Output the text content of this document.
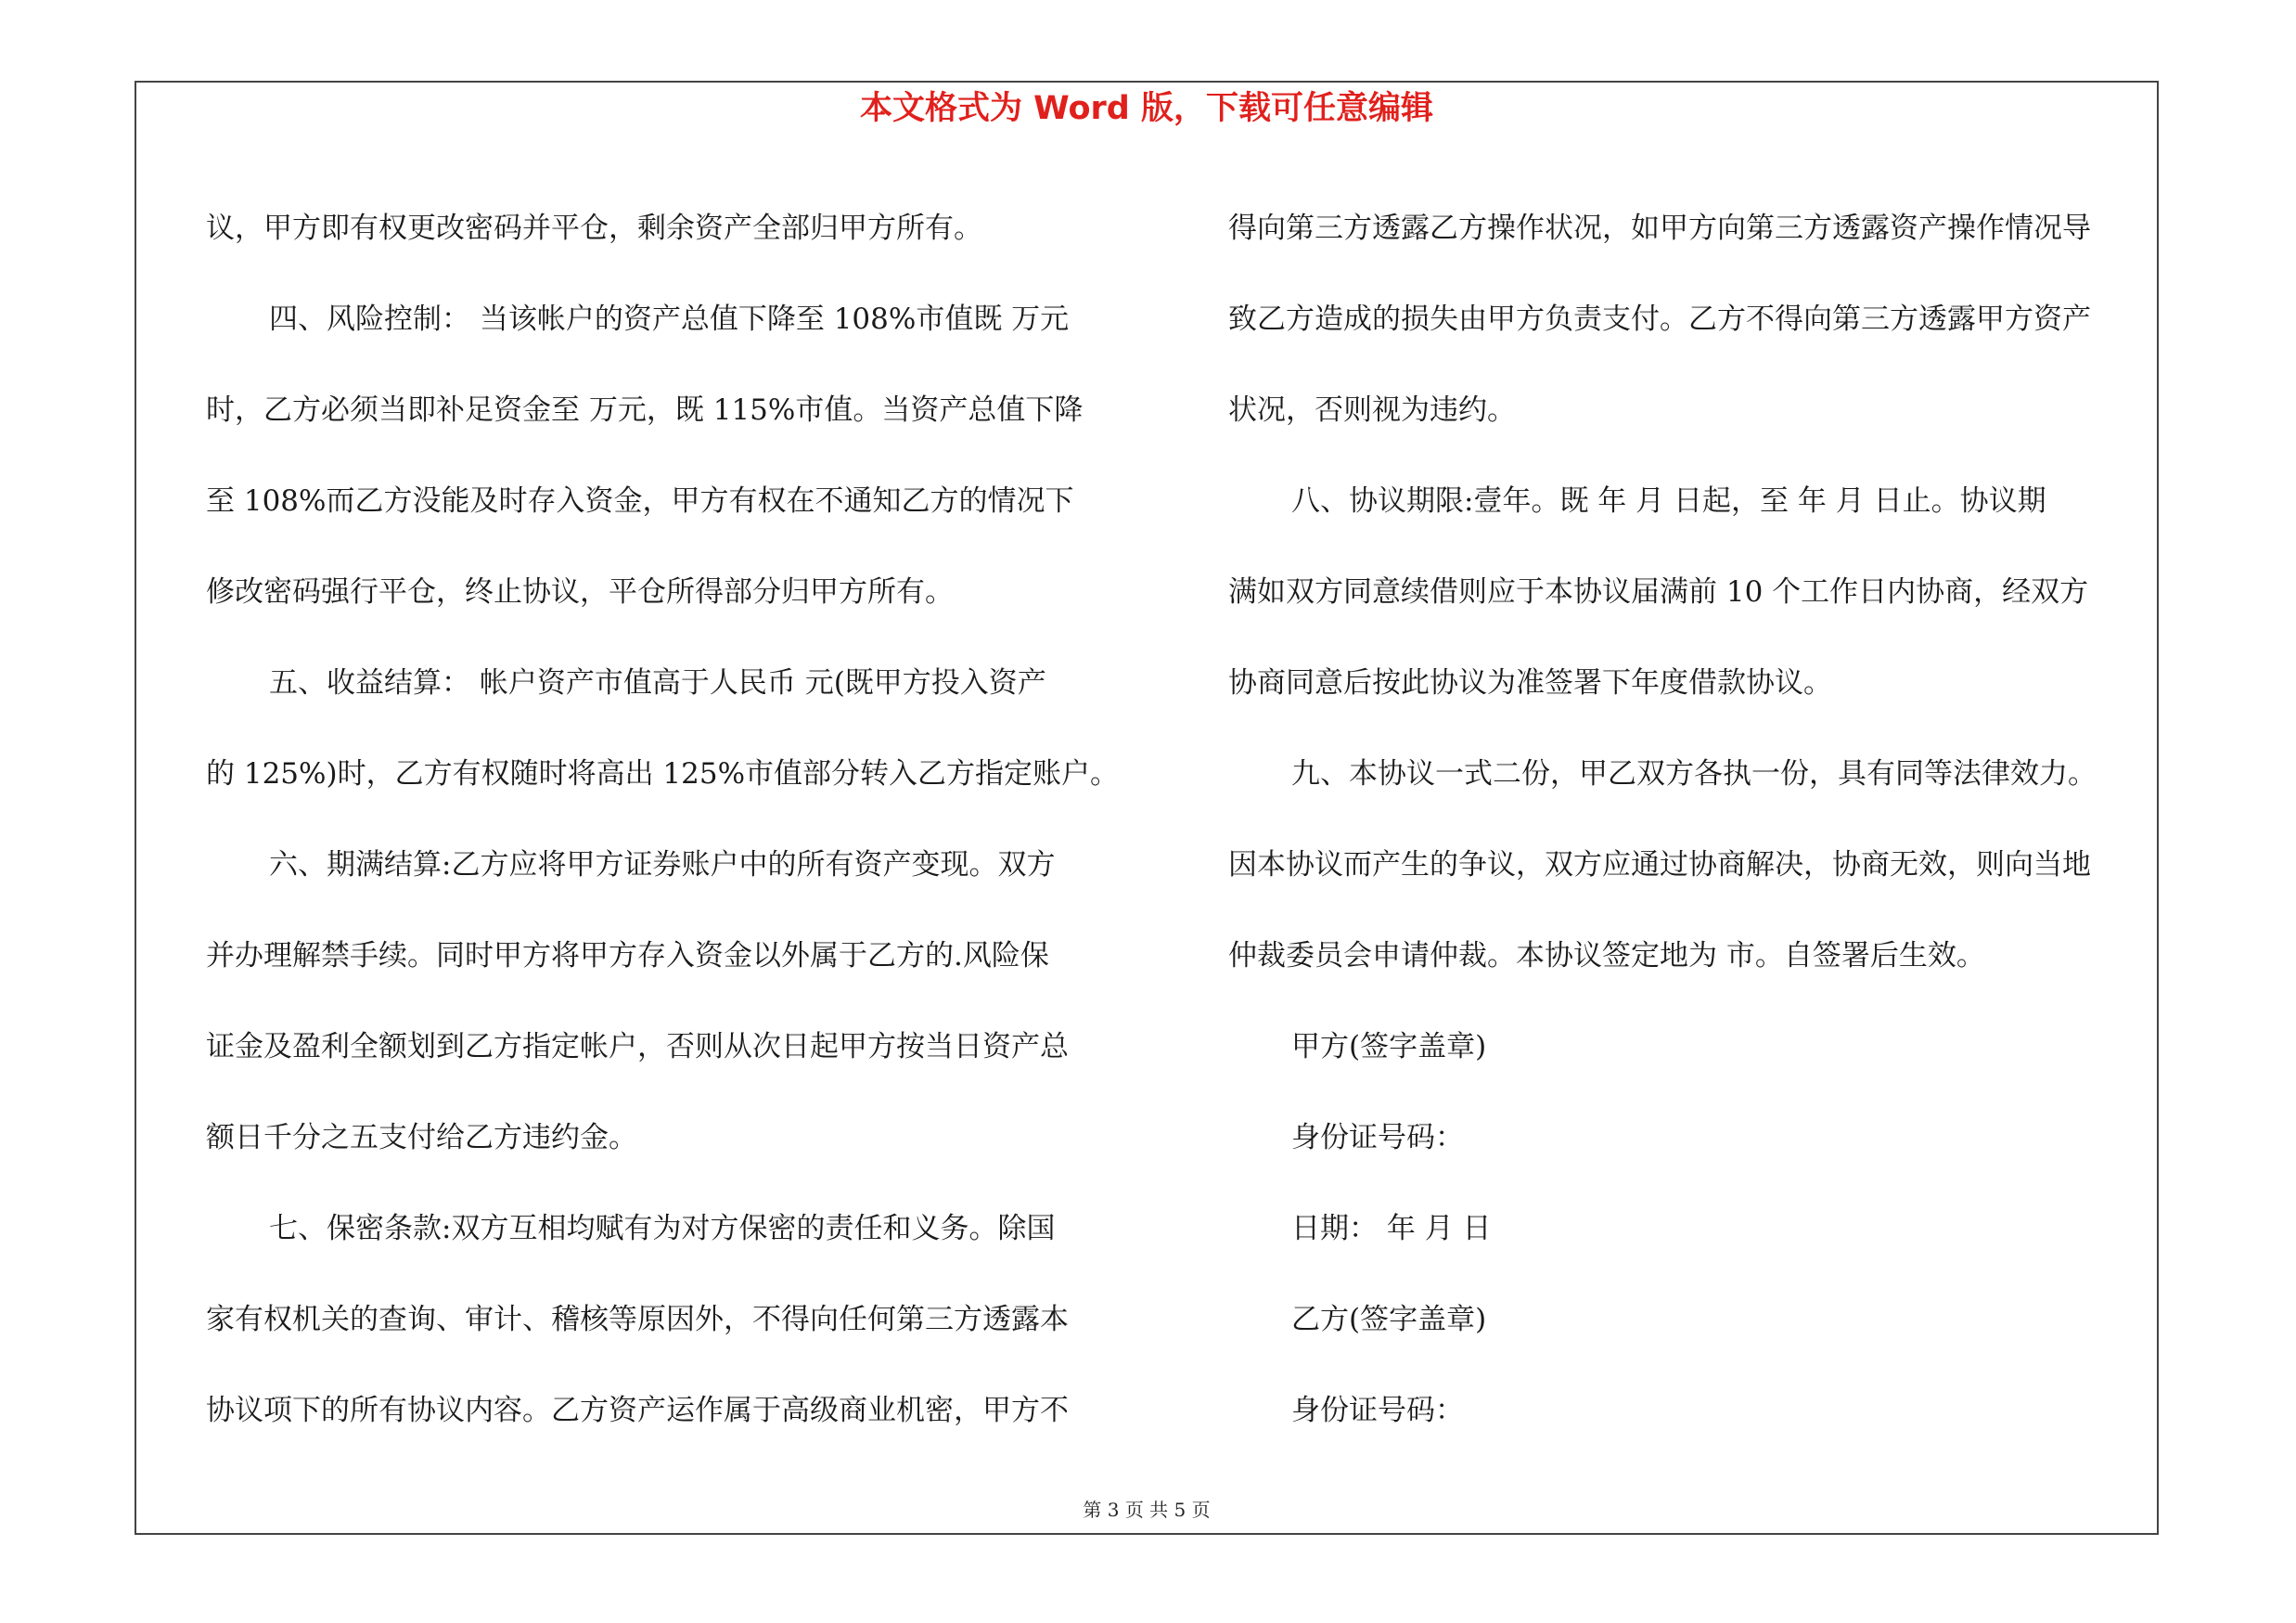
本文格式为 Word 版，下载可任意编辑

议，甲方即有权更改密码并平仓，剩余资产全部归甲方所有。

四、风险控制： 当该帐户的资产总值下降至 108%市值既 万元

时，乙方必须当即补足资金至 万元，既 115%市值。当资产总值下降

至 108%而乙方没能及时存入资金，甲方有权在不通知乙方的情况下

修改密码强行平仓，终止协议，平仓所得部分归甲方所有。

五、收益结算： 帐户资产市值高于人民币 元(既甲方投入资产

的 125%)时，乙方有权随时将高出 125%市值部分转入乙方指定账户。

六、期满结算:乙方应将甲方证券账户中的所有资产变现。双方

并办理解禁手续。同时甲方将甲方存入资金以外属于乙方的.风险保

证金及盈利全额划到乙方指定帐户，否则从次日起甲方按当日资产总

额日千分之五支付给乙方违约金。

七、保密条款:双方互相均赋有为对方保密的责任和义务。除国

家有权机关的查询、审计、稽核等原因外，不得向任何第三方透露本

协议项下的所有协议内容。乙方资产运作属于高级商业机密，甲方不

得向第三方透露乙方操作状况，如甲方向第三方透露资产操作情况导

致乙方造成的损失由甲方负责支付。乙方不得向第三方透露甲方资产

状况，否则视为违约。

八、协议期限:壹年。既 年 月 日起，至 年 月 日止。协议期

满如双方同意续借则应于本协议届满前 10 个工作日内协商，经双方

协商同意后按此协议为准签署下年度借款协议。

九、本协议一式二份，甲乙双方各执一份，具有同等法律效力。

因本协议而产生的争议，双方应通过协商解决，协商无效，则向当地

仲裁委员会申请仲裁。本协议签定地为 市。自签署后生效。

甲方(签字盖章)

身份证号码：

日期： 年 月 日

乙方(签字盖章)

身份证号码：

第 3 页 共 5 页
